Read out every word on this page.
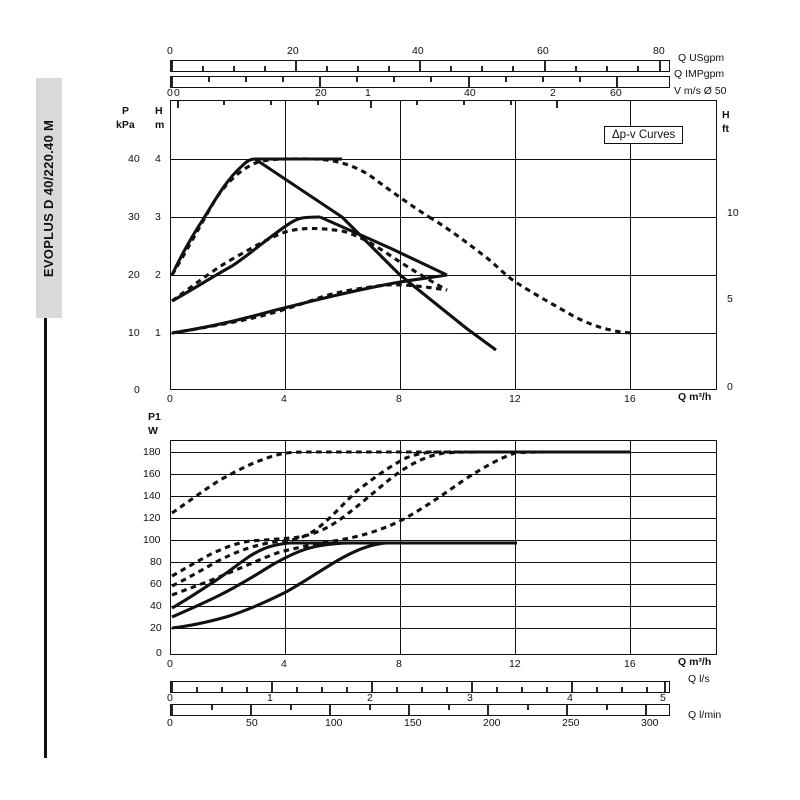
EVOPLUS D 40/220.40 M
Q USgpm
0	20	40	60	80
Q IMPgpm
0	20	40	60	V m/s Ø 50
0	1	2
P
kPa
H
m
H
ft
1
2
3
4
0
10
20
30
40
5
10
0
0	4	8	12	16	Q m³/h
Δp-v Curves
P1
W
180
160
140
120
100
80
60
40
20
0
0	4	8	12	16	Q m³/h
Q l/s
0	1	2	3	4	5
Q l/min
0	50	100	150	200	250	300
